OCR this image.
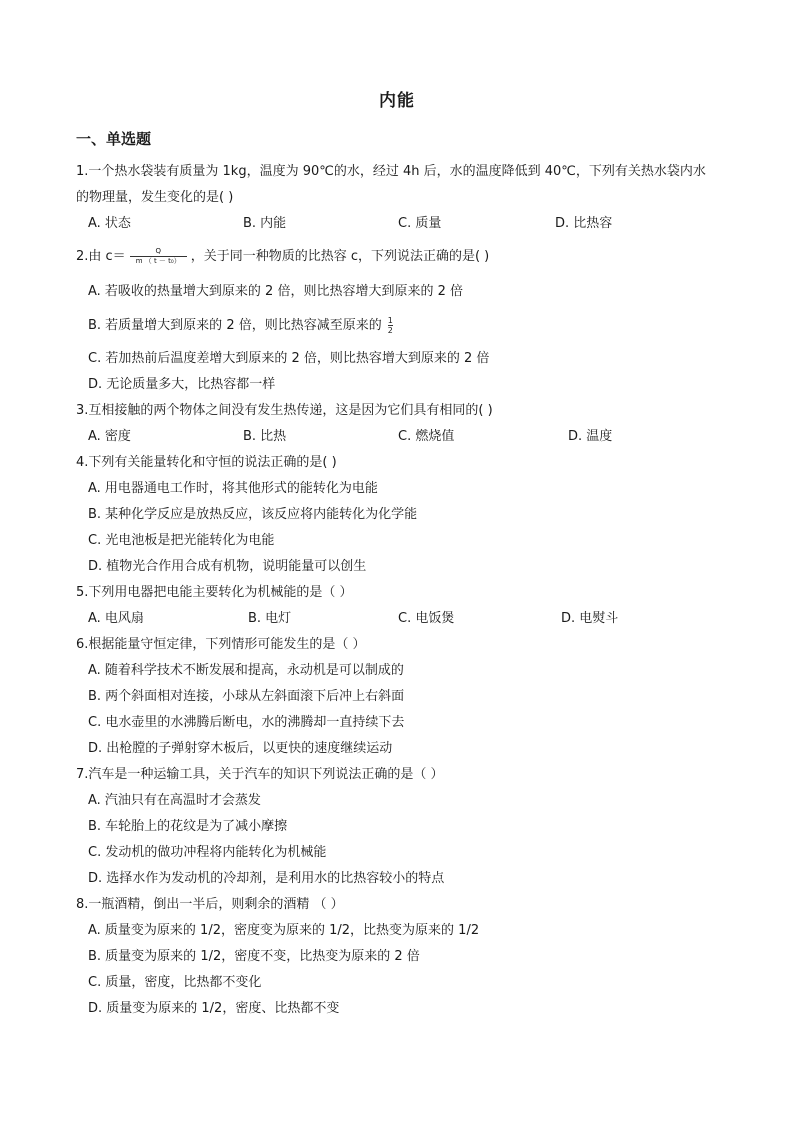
内能
一、单选题
1.一个热水袋装有质量为 1kg，温度为 90℃的水，经过 4h 后，水的温度降低到 40℃，下列有关热水袋内水
的物理量，发生变化的是( )
A. 状态	B. 内能	C. 质量	D. 比热容
2.由 $c= \frac{Q}{\text{m （ t － t₀）}}$ ，关于同一种物质的比热容 c，下列说法正确的是( )
A. 若吸收的热量增大到原来的 2 倍，则比热容增大到原来的 2 倍
B. 若质量增大到原来的 2 倍，则比热容减至原来的 $\frac{1}{2}$
C. 若加热前后温度差增大到原来的 2 倍，则比热容增大到原来的 2 倍
D. 无论质量多大，比热容都一样
3.互相接触的两个物体之间没有发生热传递，这是因为它们具有相同的( )
A. 密度	B. 比热	C. 燃烧值	D. 温度
4.下列有关能量转化和守恒的说法正确的是( )
A. 用电器通电工作时，将其他形式的能转化为电能
B. 某种化学反应是放热反应，该反应将内能转化为化学能
C. 光电池板是把光能转化为电能
D. 植物光合作用合成有机物，说明能量可以创生
5.下列用电器把电能主要转化为机械能的是（ ）
A. 电风扇	B. 电灯	C. 电饭煲	D. 电熨斗
6.根据能量守恒定律，下列情形可能发生的是（ ）
A. 随着科学技术不断发展和提高，永动机是可以制成的
B. 两个斜面相对连接，小球从左斜面滚下后冲上右斜面
C. 电水壶里的水沸腾后断电，水的沸腾却一直持续下去
D. 出枪膛的子弹射穿木板后，以更快的速度继续运动
7.汽车是一种运输工具，关于汽车的知识下列说法正确的是（ ）
A. 汽油只有在高温时才会蒸发
B. 车轮胎上的花纹是为了减小摩擦
C. 发动机的做功冲程将内能转化为机械能
D. 选择水作为发动机的冷却剂，是利用水的比热容较小的特点
8.一瓶酒精，倒出一半后，则剩余的酒精 （ ）
A. 质量变为原来的 1/2，密度变为原来的 1/2，比热变为原来的 1/2
B. 质量变为原来的 1/2，密度不变，比热变为原来的 2 倍
C. 质量，密度，比热都不变化
D. 质量变为原来的 1/2，密度、比热都不变
